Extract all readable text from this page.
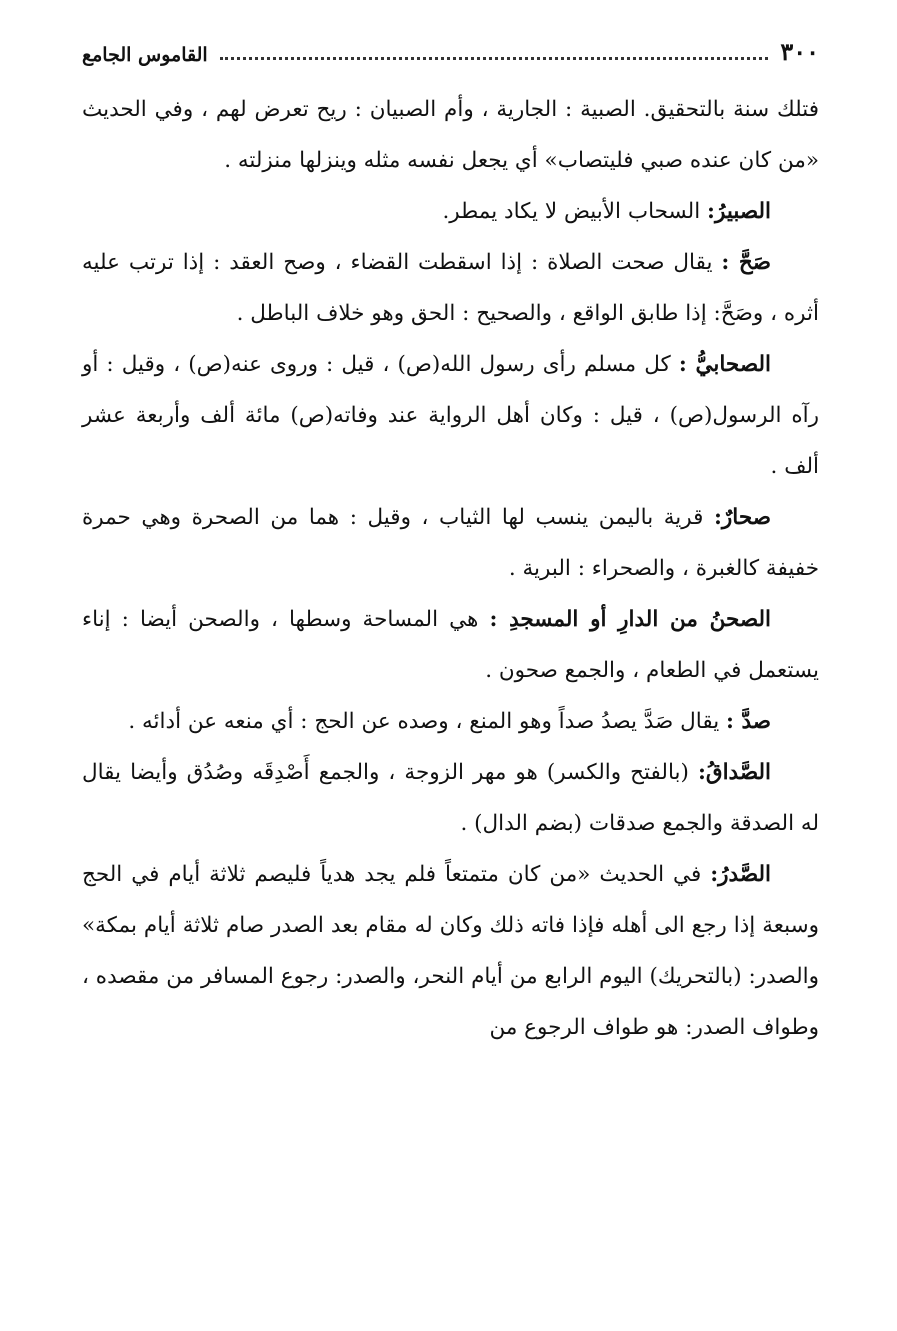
٣٠٠
القاموس الجامع

فتلك سنة بالتحقيق. الصبية : الجارية ، وأم الصبيان : ريح تعرض لهم ، وفي الحديث «من كان عنده صبي فليتصاب» أي يجعل نفسه مثله وينزلها منزلته .

الصبيرُ: السحاب الأبيض لا يكاد يمطر.

صَحَّ : يقال صحت الصلاة : إذا اسقطت القضاء ، وصح العقد : إذا ترتب عليه أثره ، وصَحَّ: إذا طابق الواقع ، والصحيح : الحق وهو خلاف الباطل .

الصحابيُّ : كل مسلم رأى رسول الله(ص) ، قيل : وروى عنه(ص) ، وقيل : أو رآه الرسول(ص) ، قيل : وكان أهل الرواية عند وفاته(ص) مائة ألف وأربعة عشر ألف .

صحارٌ: قرية باليمن ينسب لها الثياب ، وقيل : هما من الصحرة وهي حمرة خفيفة كالغبرة ، والصحراء : البرية .

الصحنُ من الدارِ أو المسجدِ : هي المساحة وسطها ، والصحن أيضا : إناء يستعمل في الطعام ، والجمع صحون .

صدَّ : يقال صَدَّ يصدُ صداً وهو المنع ، وصده عن الحج : أي منعه عن أدائه .

الصَّداقُ: (بالفتح والكسر) هو مهر الزوجة ، والجمع أَصْدِقَه وصُدُق وأيضا يقال له الصدقة والجمع صدقات (بضم الدال) .

الصَّدرُ: في الحديث «من كان متمتعاً فلم يجد هدياً فليصم ثلاثة أيام في الحج وسبعة إذا رجع الى أهله فإذا فاته ذلك وكان له مقام بعد الصدر صام ثلاثة أيام بمكة» والصدر: (بالتحريك) اليوم الرابع من أيام النحر، والصدر: رجوع المسافر من مقصده ، وطواف الصدر: هو طواف الرجوع من
